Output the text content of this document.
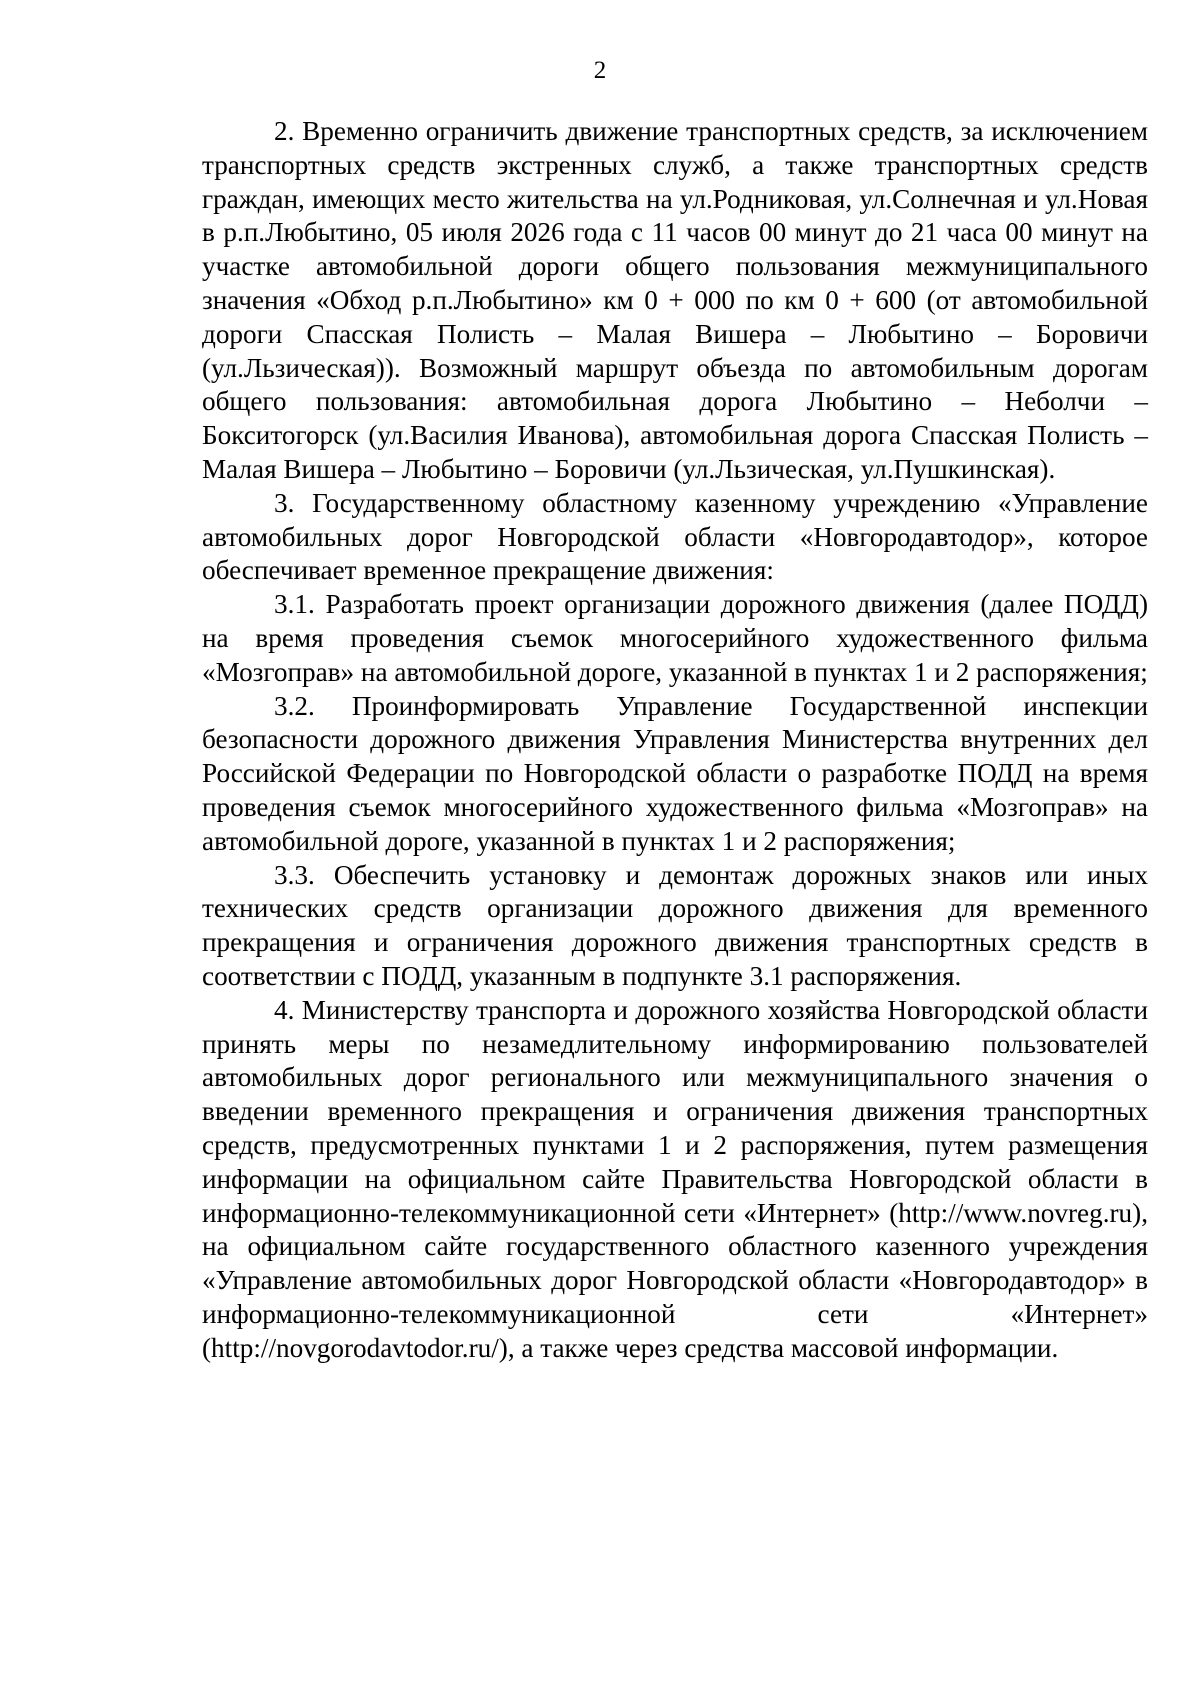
2

2. Временно ограничить движение транспортных средств, за исключением транспортных средств экстренных служб, а также транспортных средств граждан, имеющих место жительства на ул.Родниковая, ул.Солнечная и ул.Новая в р.п.Любытино, 05 июля 2026 года с 11 часов 00 минут до 21 часа 00 минут на участке автомобильной дороги общего пользования межмуниципального значения «Обход р.п.Любытино» км 0 + 000 по км 0 + 600 (от автомобильной дороги Спасская Полисть – Малая Вишера – Любытино – Боровичи (ул.Льзическая)). Возможный маршрут объезда по автомобильным дорогам общего пользования: автомобильная дорога Любытино – Неболчи – Бокситогорск (ул.Василия Иванова), автомобильная дорога Спасская Полисть – Малая Вишера – Любытино – Боровичи (ул.Льзическая, ул.Пушкинская).

3. Государственному областному казенному учреждению «Управление автомобильных дорог Новгородской области «Новгородавтодор», которое обеспечивает временное прекращение движения:

3.1. Разработать проект организации дорожного движения (далее ПОДД) на время проведения съемок многосерийного художественного фильма «Мозгоправ» на автомобильной дороге, указанной в пунктах 1 и 2 распоряжения;

3.2. Проинформировать Управление Государственной инспекции безопасности дорожного движения Управления Министерства внутренних дел Российской Федерации по Новгородской области о разработке ПОДД на время проведения съемок многосерийного художественного фильма «Мозгоправ» на автомобильной дороге, указанной в пунктах 1 и 2 распоряжения;

3.3. Обеспечить установку и демонтаж дорожных знаков или иных технических средств организации дорожного движения для временного прекращения и ограничения дорожного движения транспортных средств в соответствии с ПОДД, указанным в подпункте 3.1 распоряжения.

4. Министерству транспорта и дорожного хозяйства Новгородской области принять меры по незамедлительному информированию пользователей автомобильных дорог регионального или межмуниципального значения о введении временного прекращения и ограничения движения транспортных средств, предусмотренных пунктами 1 и 2 распоряжения, путем размещения информации на официальном сайте Правительства Новгородской области в информационно-телекоммуникационной сети «Интернет» (http://www.novreg.ru), на официальном сайте государственного областного казенного учреждения «Управление автомобильных дорог Новгородской области «Новгородавтодор» в информационно-телекоммуникационной сети «Интернет» (http://novgorodavtodor.ru/), а также через средства массовой информации.
